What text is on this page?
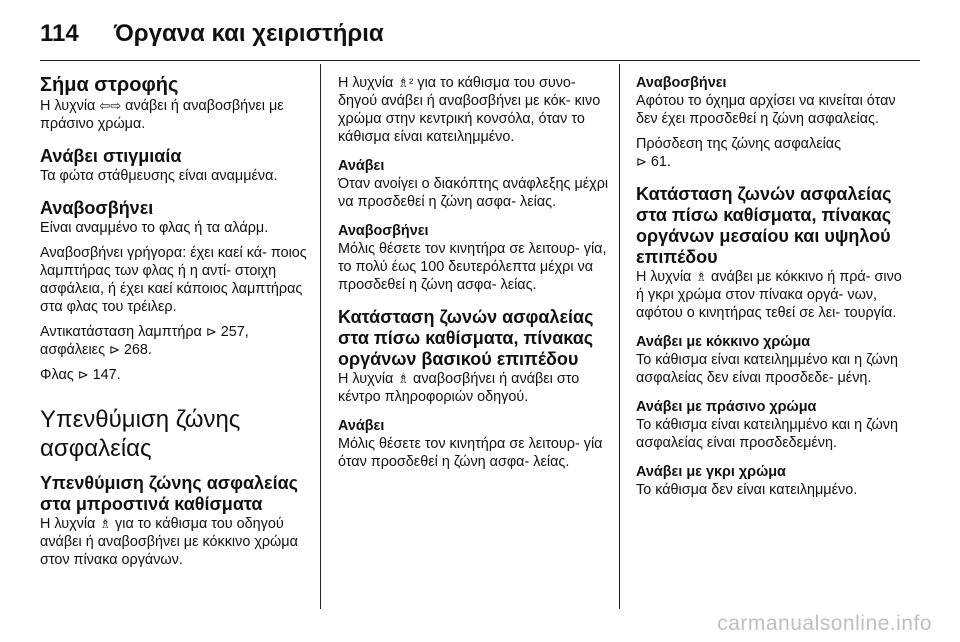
114 Όργανα και χειριστήρια
Σήμα στροφής

Η λυχνία ⇦⇨ ανάβει ή αναβοσβήνει με πράσινο χρώμα.

Ανάβει στιγμιαία

Τα φώτα στάθμευσης είναι αναμμένα.

Αναβοσβήνει

Είναι αναμμένο το φλας ή τα αλάρμ.

Αναβοσβήνει γρήγορα: έχει καεί κά- ποιος λαμπτήρας των φλας ή η αντί- στοιχη ασφάλεια, ή έχει καεί κάποιος λαμπτήρας στα φλας του τρέιλερ.

Αντικατάσταση λαμπτήρα ⊳ 257,
ασφάλειες ⊳ 268.

Φλας ⊳ 147.

Υπενθύμιση ζώνης ασφαλείας
Υπενθύμιση ζώνης ασφαλείας στα μπροστινά καθίσματα

Η λυχνία ♗ για το κάθισμα του οδηγού ανάβει ή αναβοσβήνει με κόκκινο χρώμα στον πίνακα οργάνων.

Η λυχνία ♗² για το κάθισμα του συνο- δηγού ανάβει ή αναβοσβήνει με κόκ- κινο χρώμα στην κεντρική κονσόλα, όταν το κάθισμα είναι κατειλημμένο.

Ανάβει

Όταν ανοίγει ο διακόπτης ανάφλεξης μέχρι να προσδεθεί η ζώνη ασφα- λείας.

Αναβοσβήνει

Μόλις θέσετε τον κινητήρα σε λειτουρ- γία, το πολύ έως 100 δευτερόλεπτα μέχρι να προσδεθεί η ζώνη ασφα- λείας.

Κατάσταση ζωνών ασφαλείας στα πίσω καθίσματα, πίνακας οργάνων βασικού επιπέδου

Η λυχνία ♗ αναβοσβήνει ή ανάβει στο κέντρο πληροφοριών οδηγού.

Ανάβει

Μόλις θέσετε τον κινητήρα σε λειτουρ- γία όταν προσδεθεί η ζώνη ασφα- λείας.

Αναβοσβήνει

Αφότου το όχημα αρχίσει να κινείται όταν δεν έχει προσδεθεί η ζώνη ασφαλείας.

Πρόσδεση της ζώνης ασφαλείας
⊳ 61.

Κατάσταση ζωνών ασφαλείας στα πίσω καθίσματα, πίνακας οργάνων μεσαίου και υψηλού επιπέδου

Η λυχνία ♗ ανάβει με κόκκινο ή πρά- σινο ή γκρι χρώμα στον πίνακα οργά- νων, αφότου ο κινητήρας τεθεί σε λει- τουργία.

Ανάβει με κόκκινο χρώμα

Το κάθισμα είναι κατειλημμένο και η ζώνη ασφαλείας δεν είναι προσδεδε- μένη.

Ανάβει με πράσινο χρώμα

Το κάθισμα είναι κατειλημμένο και η ζώνη ασφαλείας είναι προσδεδεμένη.

Ανάβει με γκρι χρώμα

Το κάθισμα δεν είναι κατειλημμένο.

carmanualsonline.info
